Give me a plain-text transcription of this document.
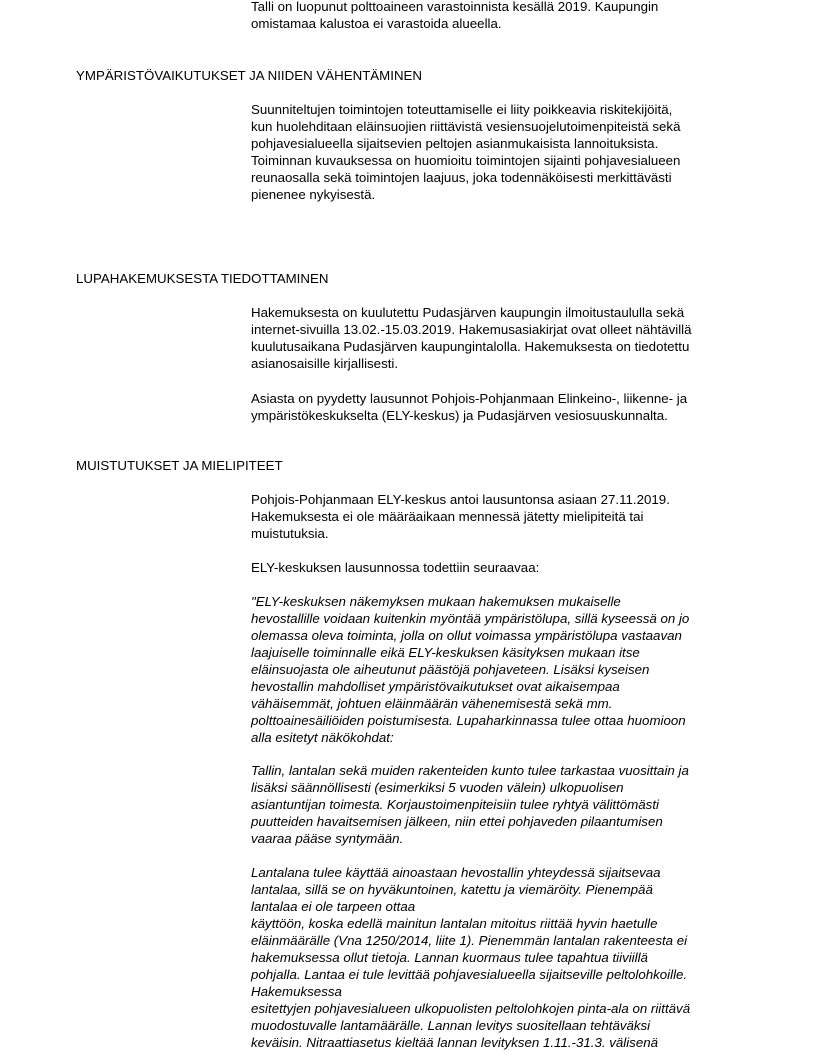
Talli on luopunut polttoaineen varastoinnista kesällä 2019. Kaupungin
omistamaa kalustoa ei varastoida alueella.
YMPÄRISTÖVAIKUTUKSET JA NIIDEN VÄHENTÄMINEN
Suunniteltujen toimintojen toteuttamiselle ei liity poikkeavia riskitekijöitä,
kun huolehditaan eläinsuojien riittävistä vesiensuojelutoimenpiteistä sekä
pohjavesialueella sijaitsevien peltojen asianmukaisista lannoituksista.
Toiminnan kuvauksessa on huomioitu toimintojen sijainti pohjavesialueen
reunaosalla sekä toimintojen laajuus, joka todennäköisesti merkittävästi
pienenee nykyisestä.
LUPAHAKEMUKSESTA TIEDOTTAMINEN
Hakemuksesta on kuulutettu Pudasjärven kaupungin ilmoitustaululla sekä
internet-sivuilla 13.02.-15.03.2019. Hakemusasiakirjat ovat olleet nähtävillä
kuulutusaikana Pudasjärven kaupungintalolla. Hakemuksesta on tiedotettu
asianosaisille kirjallisesti.
Asiasta on pyydetty lausunnot Pohjois-Pohjanmaan Elinkeino-, liikenne- ja
ympäristökeskukselta (ELY-keskus) ja Pudasjärven vesiosuuskunnalta.
MUISTUTUKSET JA MIELIPITEET
Pohjois-Pohjanmaan ELY-keskus antoi lausuntonsa asiaan 27.11.2019.
Hakemuksesta ei ole määräaikaan mennessä jätetty mielipiteitä tai
muistutuksia.
ELY-keskuksen lausunnossa todettiin seuraavaa:
"ELY-keskuksen näkemyksen mukaan hakemuksen mukaiselle
hevostallille voidaan kuitenkin myöntää ympäristölupa, sillä kyseessä on jo
olemassa oleva toiminta, jolla on ollut voimassa ympäristölupa vastaavan
laajuiselle toiminnalle eikä ELY-keskuksen käsityksen mukaan itse
eläinsuojasta ole aiheutunut päästöjä pohjaveteen. Lisäksi kyseisen
hevostallin mahdolliset ympäristövaikutukset ovat aikaisempaa
vähäisemmät, johtuen eläinmäärän vähenemisestä sekä mm.
polttoainesäiliöiden poistumisesta. Lupaharkinnassa tulee ottaa huomioon
alla esitetyt näkökohdat:
Tallin, lantalan sekä muiden rakenteiden kunto tulee tarkastaa vuosittain ja
lisäksi säännöllisesti (esimerkiksi 5 vuoden välein) ulkopuolisen
asiantuntijan toimesta. Korjaustoimenpiteisiin tulee ryhtyä välittömästi
puutteiden havaitsemisen jälkeen, niin ettei pohjaveden pilaantumisen
vaaraa pääse syntymään.
Lantalana tulee käyttää ainoastaan hevostallin yhteydessä sijaitsevaa
lantalaa, sillä se on hyväkuntoinen, katettu ja viemäröity. Pienempää
lantalaa ei ole tarpeen ottaa
käyttöön, koska edellä mainitun lantalan mitoitus riittää hyvin haetulle
eläinmäärälle (Vna 1250/2014, liite 1). Pienemmän lantalan rakenteesta ei
hakemuksessa ollut tietoja. Lannan kuormaus tulee tapahtua tiiviillä
pohjalla. Lantaa ei tule levittää pohjavesialueella sijaitseville peltolohkoille.
Hakemuksessa
esitettyjen pohjavesialueen ulkopuolisten peltolohkojen pinta-ala on riittävä
muodostuvalle lantamäärälle. Lannan levitys suositellaan tehtäväksi
keväisin. Nitraattiasetus kieltää lannan levityksen 1.11.-31.3. välisenä
